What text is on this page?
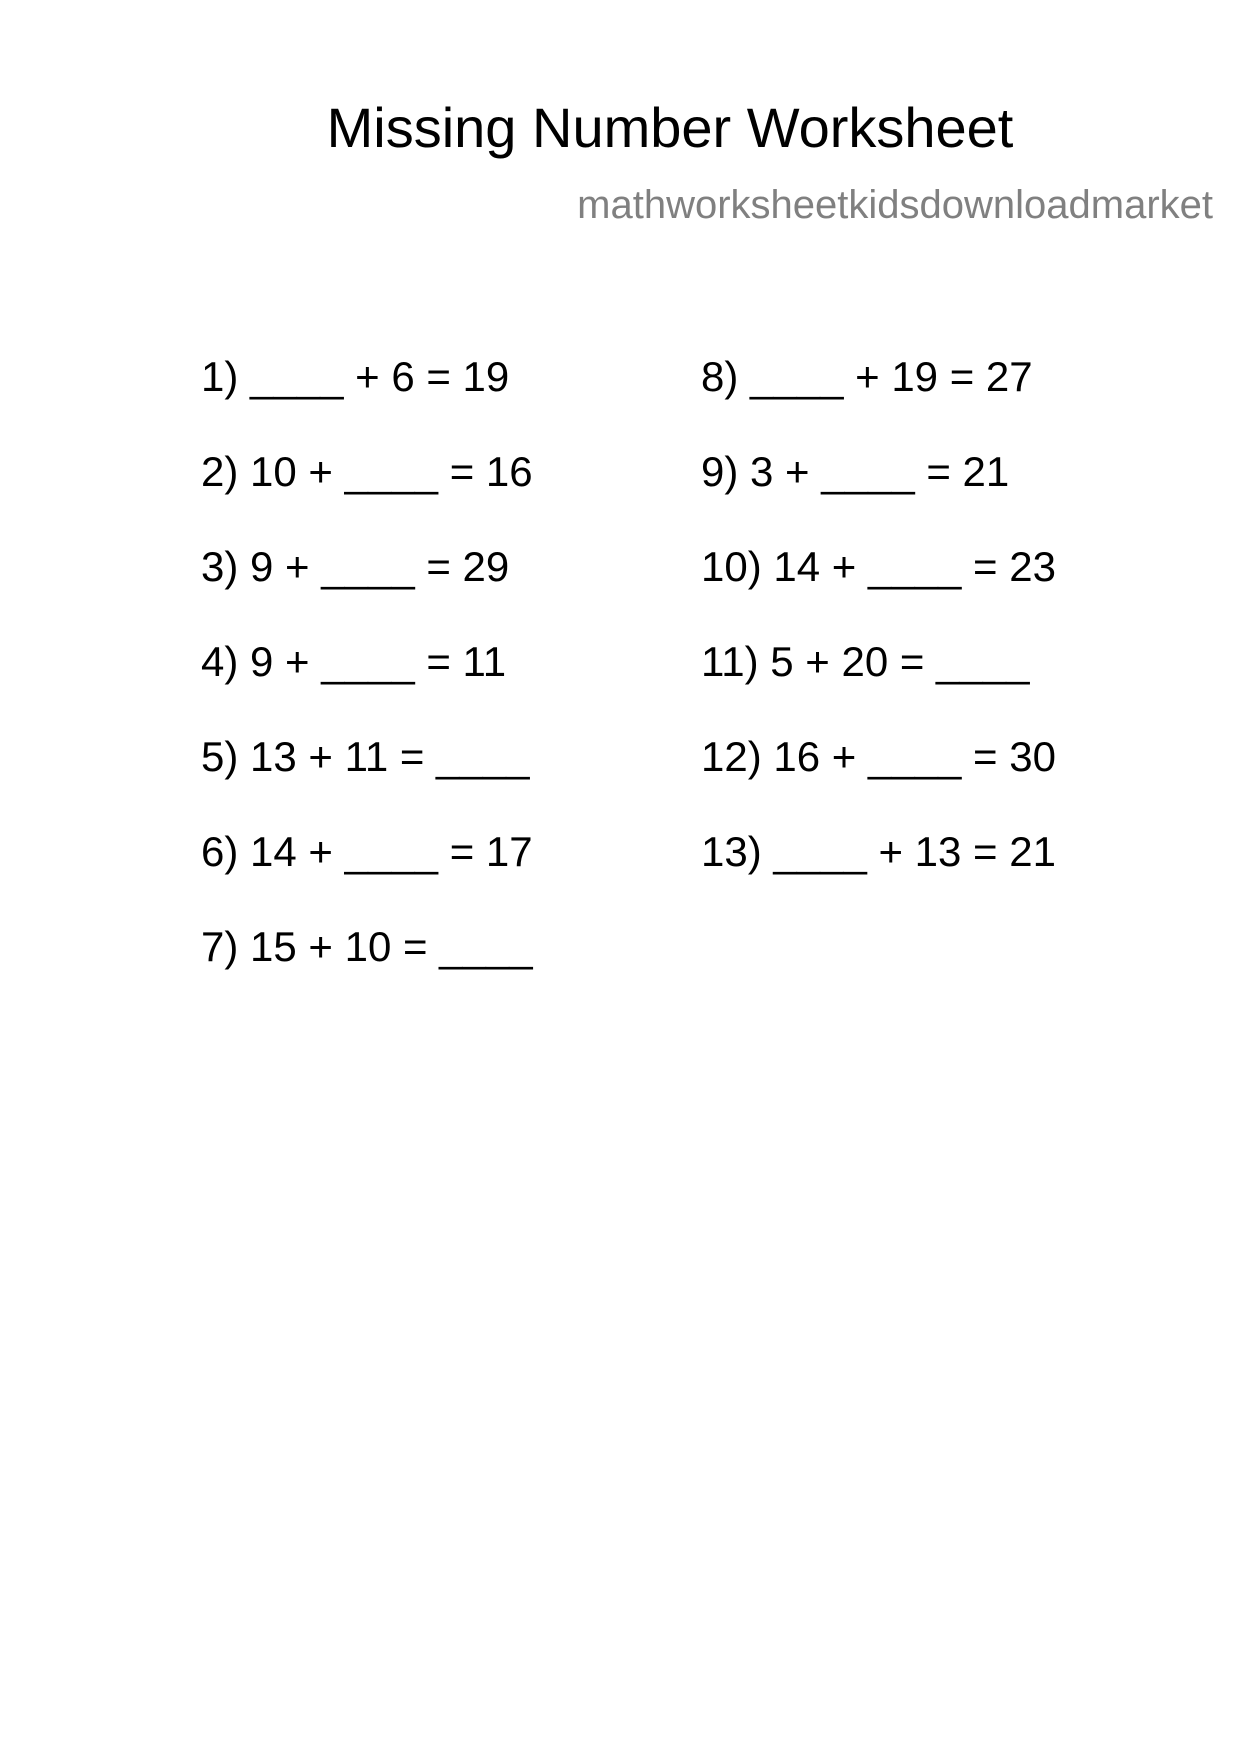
Missing Number Worksheet
mathworksheetkidsdownloadmarket
1) ____ + 6 = 19
2) 10 + ____ = 16
3) 9 + ____ = 29
4) 9 + ____ = 11
5) 13 + 11 = ____
6) 14 + ____ = 17
7) 15 + 10 = ____
8) ____ + 19 = 27
9) 3 + ____ = 21
10) 14 + ____ = 23
11) 5 + 20 = ____
12) 16 + ____ = 30
13) ____ + 13 = 21
